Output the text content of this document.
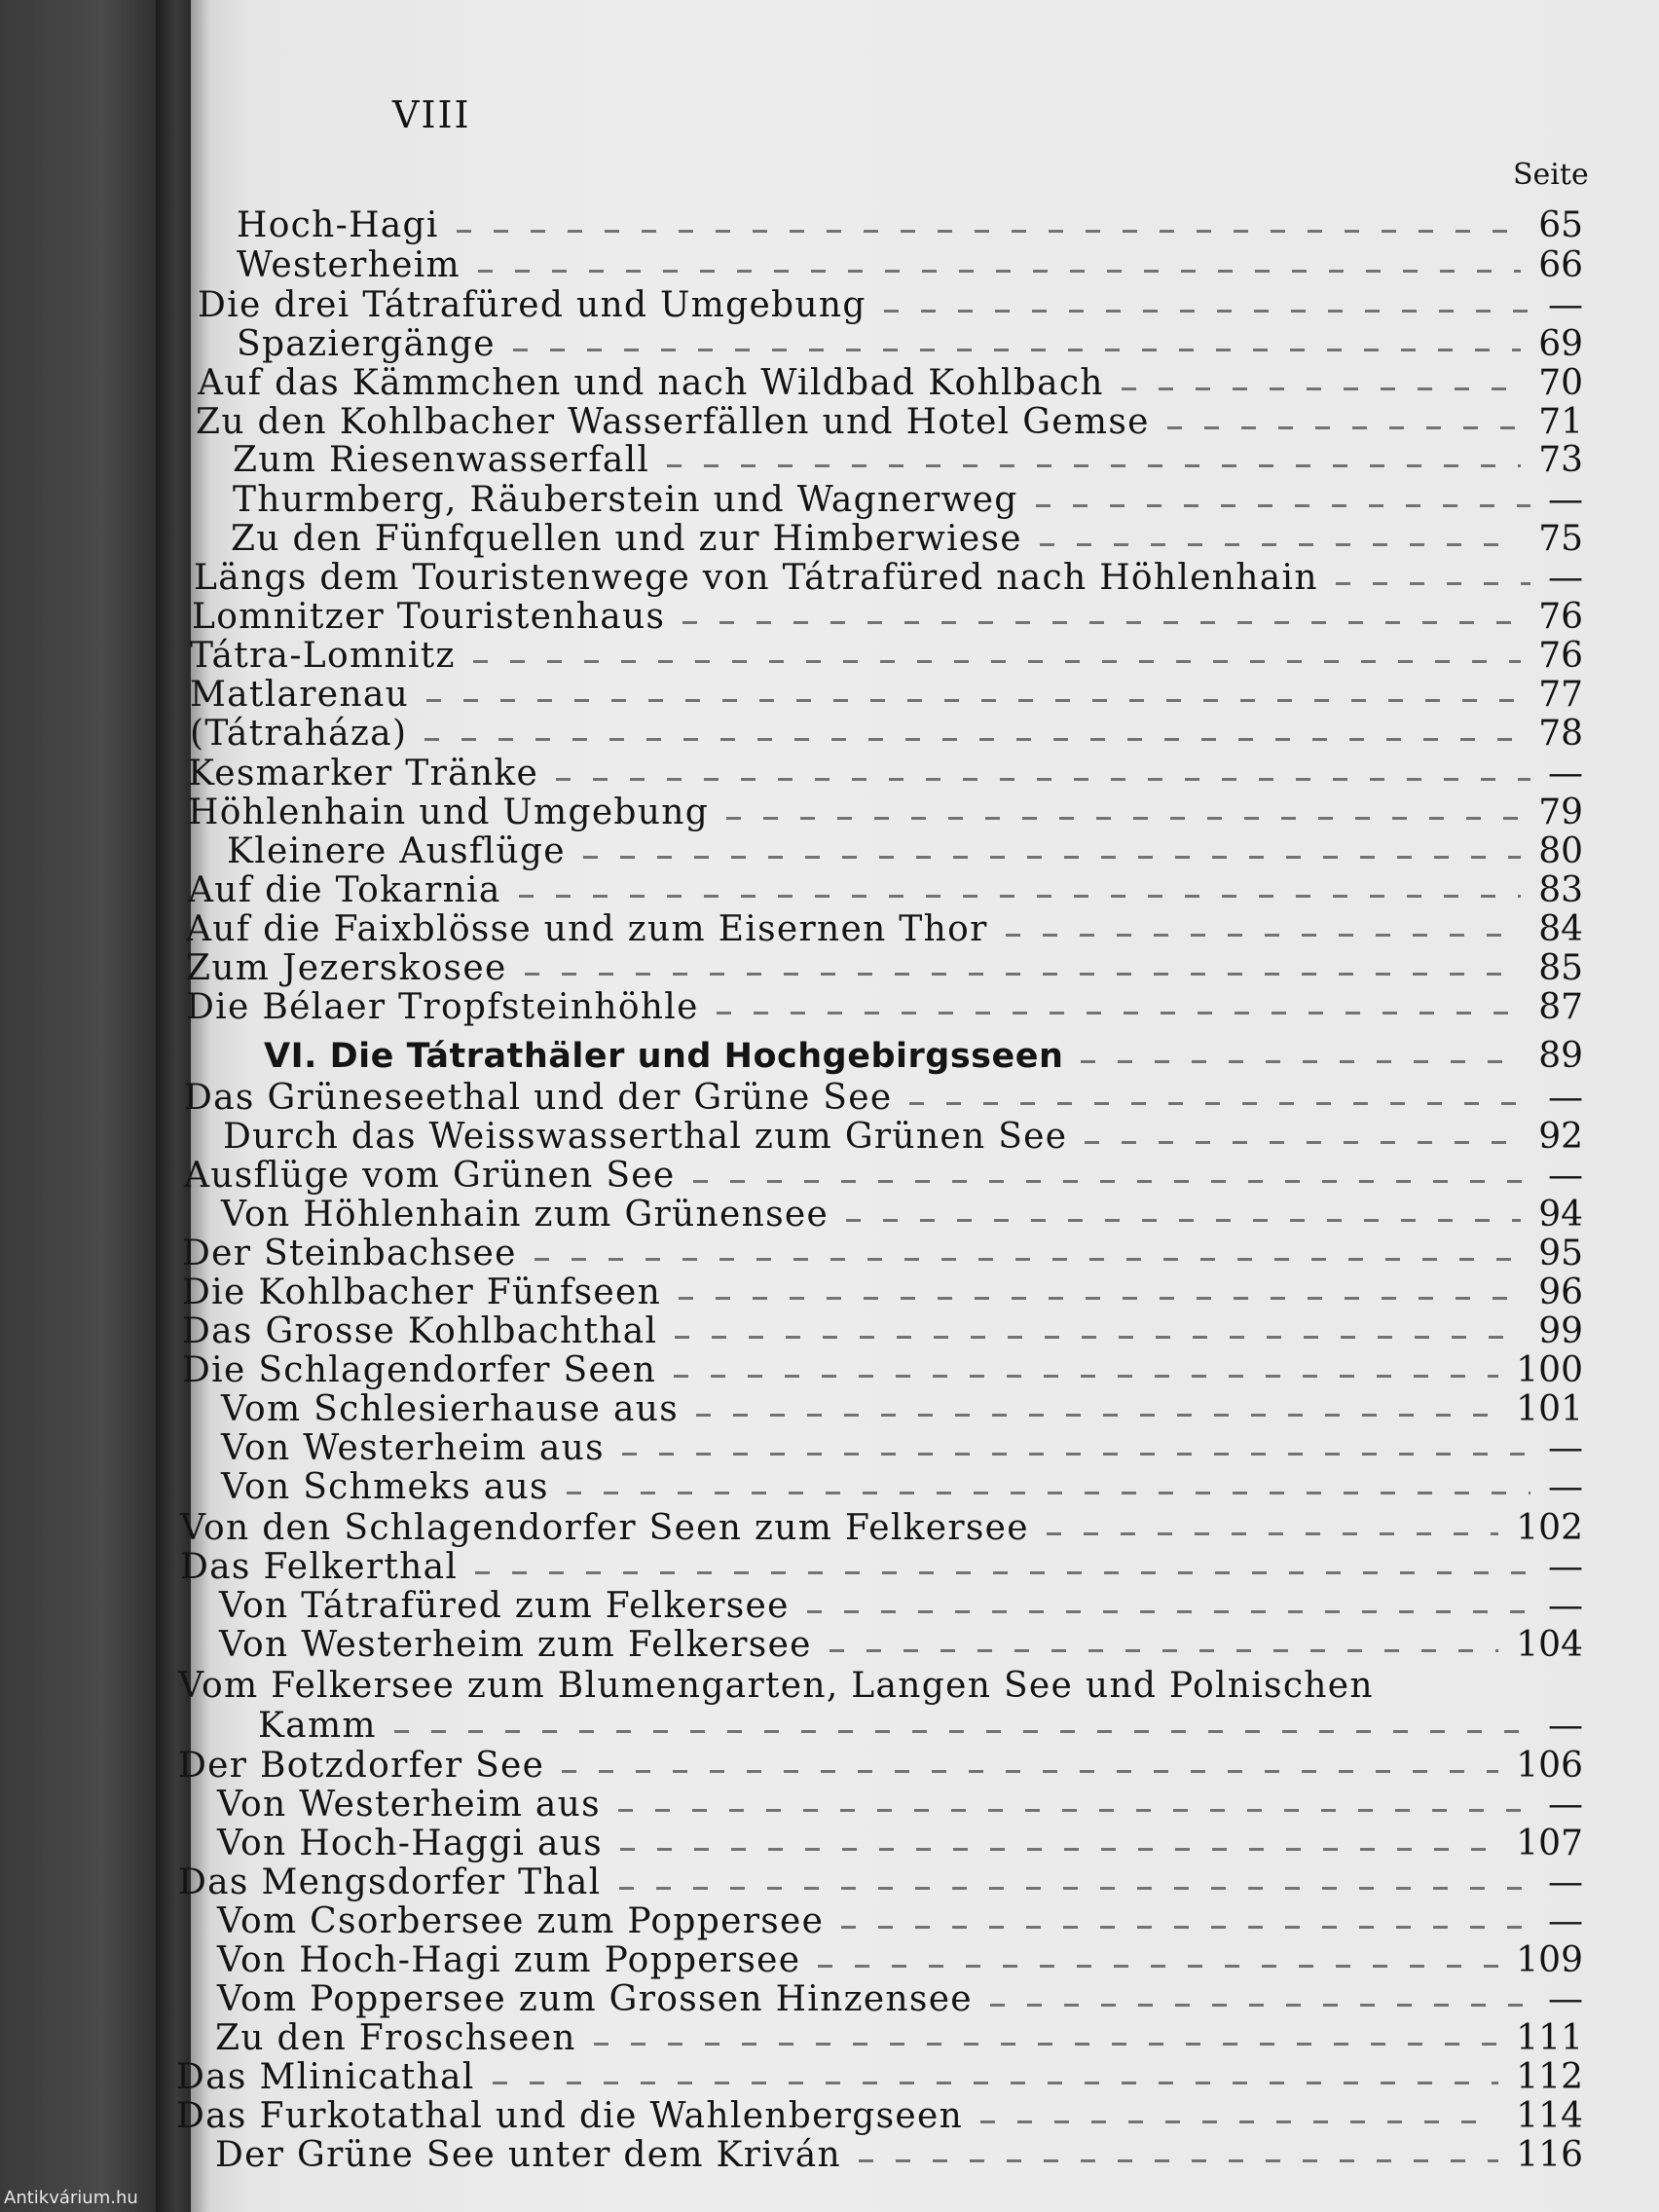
VIII
Seite
Hoch-Hagi	65
Westerheim	66
Die drei Tátrafüred und Umgebung	—
Spaziergänge	69
Auf das Kämmchen und nach Wildbad Kohlbach	70
Zu den Kohlbacher Wasserfällen und Hotel Gemse	71
Zum Riesenwasserfall	73
Thurmberg, Räuberstein und Wagnerweg	—
Zu den Fünfquellen und zur Himberwiese	75
Längs dem Touristenwege von Tátrafüred nach Höhlenhain	—
Lomnitzer Touristenhaus	76
Tátra-Lomnitz	76
Matlarenau	77
(Tátraháza)	78
Kesmarker Tränke	—
Höhlenhain und Umgebung	79
Kleinere Ausflüge	80
Auf die Tokarnia	83
Auf die Faixblösse und zum Eisernen Thor	84
Zum Jezerskosee	85
Die Bélaer Tropfsteinhöhle	87
VI. Die Tátrathäler und Hochgebirgsseen	89
Das Grüneseethal und der Grüne See	—
Durch das Weisswasserthal zum Grünen See	92
Ausflüge vom Grünen See	—
Von Höhlenhain zum Grünensee	94
Der Steinbachsee	95
Die Kohlbacher Fünfseen	96
Das Grosse Kohlbachthal	99
Die Schlagendorfer Seen	100
Vom Schlesierhause aus	101
Von Westerheim aus	—
Von Schmeks aus	—
Von den Schlagendorfer Seen zum Felkersee	102
Das Felkerthal	—
Von Tátrafüred zum Felkersee	—
Von Westerheim zum Felkersee	104
Vom Felkersee zum Blumengarten, Langen See und Polnischen
Kamm	—
Der Botzdorfer See	106
Von Westerheim aus	—
Von Hoch-Haggi aus	107
Das Mengsdorfer Thal	—
Vom Csorbersee zum Poppersee	—
Von Hoch-Hagi zum Poppersee	109
Vom Poppersee zum Grossen Hinzensee	—
Zu den Froschseen	111
Das Mlinicathal	112
Das Furkotathal und die Wahlenbergseen	114
Der Grüne See unter dem Kriván	116
Antikvárium.hu
